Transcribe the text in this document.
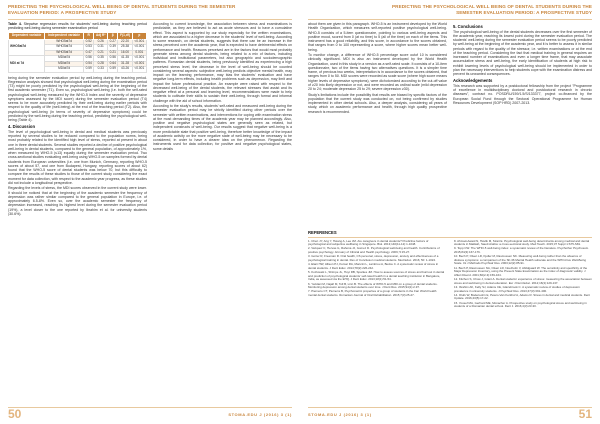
PREDICTING THE PSYCHOLOGICAL WELL BEING OF DENTAL STUDENTS DURING THE SEMESTER EVALUATION PERIOD: A PROSPECTIVE STUDY
Table 4. Stepwise regression results for students' well-being during teaching period predicting well-being during semester examination period
Dependent variable	Independent variable	R	Adj R²	β	F(1,df)	p
WHO5at7d	WHO5at7d	0.52	0.26	0.27	22.20	<0.001
	WHO5at7d	0.53	0.31	0.39	25.38	<0.001
	WHO5at7d	0.47	0.21	0.21	16.00	0.001
MDI at 7d	MDIat7d	0.56	0.35	0.56	41.35	<0.001
	MDIat7d	0.54	0.28	0.64	31.28	<0.001
	MDIat7d	0.59	0.33	0.59	43.26	<0.001

being during the semester evaluation period by well-being during the teaching period. Regression analysis showed that psychological well-being during the examination period (T3) might be poorly predicted by the psychological well-being at the beginning of the first academic semester (T1). Even so, psychological well-being (i.e. both the self-rated psychological well-being measured by the WHO-5 index and the severity of depressive symptoms assessed by the MDI score) during the semester evaluation period (T4) seems to be more accurately predicted by their well-being during earlier periods with respect to the quality of life (well-being) at the end of the teaching period (T2). Also, the psychological well-being (in terms of severity of depressive symptoms) could be predicted by the well-being during the teaching period, predicting the psychological well-being (Table 4).

4. Discussion

The level of psychological well-being in dental and medical students was previously reported by several studies to be reduced compared to the population norms, being most probably related to the identified high level of stress, reported at present in about one in three dental students. Several studies reported a decline of positive psychological well-being in dental students, compared to the general population, of approximately 1%, when measured by WHO-5 (≤13) equally during the semester evaluation period. Two cross-sectional studies evaluating well-being using WHO-5 on samples formed by dental students from European universities (i.e. one from Munich, Germany, reporting WHO-5 scores of about 57, and one from Budapest, Hungary, reporting scores of about 62) found that the WHO-5 score of dental students was below 70, but this difficulty to compare the results of these studies to those of the current study considering the exact moment for data collection, with respect to the academic year progress, as these studies did not include a longitudinal perspective.

Regarding the levels of stress, the MDI scores observed in the current study were lower. It should be noticed that at the beginning of the academic semester the frequency of depression was rather similar compared to the general population in Europe, i.e. of approximately 6.5-8%. Even so, over the academic semester the frequency of depression increased, reaching its highest level during the semester evaluation period (19%), a level closer to the one reported by Ibrahim et al. for university students (30.6%).

According to current knowledge, the association between stress and examinations is predictable, as they are believed to act as acute stressors and to have a cumulative effect. This aspect is supported by our study especially for the written examinations, which are associated to a higher decrease in the students' level of well-being. According to some research, on dental students, suggests that there can be an increase in the stress perceived over the academic year, that is expected to have detrimental effects on performance and health. Reasons perceived are in the factors that would most probably generate stress among dental students, being related to a mix of factors, including individual and institutional parameters, but also geographic and sociodemographic patterns. Romanian dental students, being previously identified as experiencing a high perceived stress level, the decrease in the level of well-being should be counted considering several aspects: subjective well-being predicts objective mental health, may impact on the learning performance, may bias the students' evaluation and have negative long-term effects, including health problems such as depression, may limit and impact the future professional practice. An example were raised with respect to the decreased well-being of the dental students, the relevant stresses that assist and its negative effect at a personal and learning level, recommendations were made to help students to cultivate their skills to sustain their well-being, through formal and informal challenge with the aid of school information.

According to the study's results, students' self-rated and measured well-being during the semester evaluation period may be strictly identified during other periods over the semester with written examinations, and interventions for coping with examination stress at the most demanding times of the academic year may be planned accordingly. Also, positive and negative psychological states are generally seen as related, but independent constructs of well-being. Our results suggest that negative well-being is a more predictable state that positive well-being, therefore better knowledge of the impact of academic activity on the more negative state of well-being may be necessary to be considered, in order to have a clearer idea on the phenomenon. Regarding the instruments used for data collection, for positive and negative psychological states, some details

50	STOMA.EDU J (2016) 3 (1)
PREDICTING THE PSYCHOLOGICAL WELL BEING OF DENTAL STUDENTS DURING THE SEMESTER EVALUATION PERIOD: A PROSPECTIVE STUDY

about them are given in this paragraph. WHO-5 is an instrument developed by the World Health Organization, which measures self-reported positive psychological well-being. WHO-5 consists of a 5-item questionnaire, pointing to various well-being aspects and positive mood, scored from 0 (at no time) to 5 (all of the time) on each of the items. This instrument has a good reliability, and this score, in accordance to the scores obtained, that ranges from 0 to 100 representing a score, where higher scores mean better well-being.

To monitor change, a difference of WHO-5 percentage score outof 10 is considered clinically significant. MDI is also an instrument developed by the World Health Organization, used in this study in a version as a self-rated scale. It consists of a 10-item questionnaire, two of the items having two alternatives questions. It is a simpler time frame, of previous two weeks, interpretation is in accordance to the scores obtained, that ranges from 0 to 50. MDI scores were recorded as scale score (where high score means higher levels of depressive symptoms), were dichotomized according to the cut-off value of ≥20 into likely depression or not, and were recorded as ordinal scale (mild depression 20 to 24; moderate depression 25 to 29; severe depression ≥30).

Study's limitations include the possibility that results are biased by specific factors of the population that the current study was conducted on, not being confirmed by studies implemented in other dental schools. Also, a deeper analysis, considering all years of study, which on academic performance and health, through high quality prospective research is recommended.

5. Conclusions

The psychological well-being of the dental students decreases over the first semester of the academic year, reaching its lowest point during the semester evaluation period. The students' well-being during the semester evaluation period seems to be poorly predicted by well-being at the beginning of the academic year, and it is better to assess it in similar periods with regard to the quality of the stressor, i.e. written examinations or at the end of the teaching period. Considering the fact that medical training in general requires an increased number of examinations and even a longer time frame, that may associate accumulative stress and well-being, the early identification of students at high risk to exhibit lowering levels of psychological well-being should be implemented in order to plan the necessary interventions to help students cope with the examination distress and prevent its unwanted consequences.

Acknowledgements

This research was supported by a postdoctoral fellowship from the project "Programme of excellence in multidisciplinary doctoral and postdoctoral research in chronic diseases", contract no. POSDRU/159/1.5/S/133377, project co-financed by the European Social Fund through the Sectoral Operational Programme for Human Resources Development (SOP HRD) 2007-2013.

REFERENCES

1. Chen JY, Ang Y, Hsiang A, Lee JM. Are caregivers in dental students? Predictive factors of psychological and subjective wellbeing in Singapore. Biol. 2013;140(11-12):1-1048.

2. Vazquez C, Hervas G, Rahona JJ, Gomez D. Psychological well-being and health. Contributions of positive psychology. Annuary of Clinical and Health psychology. 2009; 5:15-27.

3. Gorter R, Freeman R. Oral health, CS personal, stress, depression, anxiety and effectiveness of a psychological training in dental. Rev of Conclusion medical students. Med Educ. 2016; 50: 1-1024.

4. Elani HW, Allison PJ, Kumar RA, Mancini L, Lambrou A, Bedos C. A systematic review of stress in dental students. J Dent Educ. 2014;78(2):226-242.

5. Kozlowski L, Shimpe JL, Hoyt RB, Sparkes JM. How to assess sources of stress and burnout in dental and prediction of psychological students' self-rated health in a dental teaching institution in Bangalore, India, as assessed via the EHQ. J Dent Educ. 2013;18(1):51-54.

6. Yazdani M, Najafi M, Toll B, Linn B. The effects of WHO-5 and MDI on a group of dental students. Monitoring depression among dental students over time. J Dent Res. 2015;94(1):2-97.

7. Piemens CT, Piemens B, Psychometric properties of a group of students in the Fan World health mental dental students. Romanian Journal of Oral Rehabilitation. 2015;7(3):25-27.

8. Ahmad-Awaid N, Havlik M, Strait E. Psychological well-being determinants among medical and dental students in Makkah, Saudi Arabia: a cross-sectional study. Med Teach. 2015;37 Suppl 1:S75-S81.

9. Topp CW. The WHO-5 well-being index: a systematic review of the literature. Psychother Psychosom. 2015;84(3):167-176.

10. Bech P, Olsen LR, Kjoller M, Rasmussen NK. Measuring well-being rather than the absence of distress symptoms: a comparison of the SF-36 Mental Health subscale and the WHO-Five Well-Being Scale. Int J Methods Psychiatr Res. 2003;12(2):85-91.

11. Bech P, Rasmussen NA, Olsen LR, Noerholm V, Abildgaard W. The sensitivity and specificity of the Major Depression Inventory, using the Present State Examination as the index of diagnostic validity. J Affect Disord. 2001;66(2-3):159-164.

12. Kitchen S, Chow J, Grant A. Dental students' experience of stress: measuring the association between stress and well-being in dental education. Eur J Dent Educ. 2012;16(3):129-137.

13. Ibrahim AK, Kelly SJ, Adams CE, Glazebrook C. A systematic review of studies of depression prevalence in university students. J Psychiatr Res. 2013;47(3):391-400.

14. Olufs W, Bodensohn E, Peters-Van Kerkhof A, Adams R. Stress in dental and medical students. Dent Update. 2016;43(5):17-22.

15. Yousef MA, Gerhard ME, Monacher A. Prospective study on psychological stress and well-being in students of a Romanian dental school. Dent J. 2016;4(3):23-30.

STOMA.EDU J (2016) 3 (1)	51
